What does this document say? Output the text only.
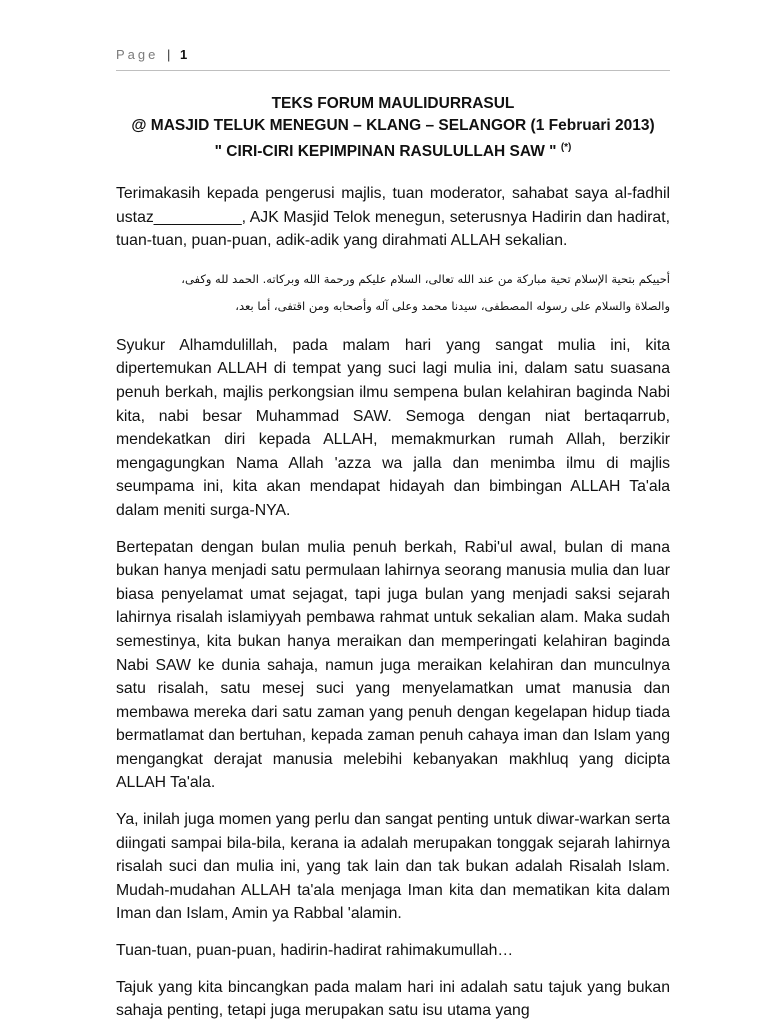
Page | 1
TEKS FORUM MAULIDURRASUL
@ MASJID TELUK MENEGUN – KLANG – SELANGOR (1 Februari 2013)
" CIRI-CIRI KEPIMPINAN RASULULLAH SAW " (*)

Terimakasih kepada pengerusi majlis, tuan moderator, sahabat saya al-fadhil ustaz__________, AJK Masjid Telok menegun, seterusnya Hadirin dan hadirat, tuan-tuan, puan-puan, adik-adik yang dirahmati ALLAH sekalian.

أحييكم بتحية الإسلام تحية مباركة من عند الله تعالى، السلام عليكم ورحمة الله وبركاته. الحمد لله وكفى،
والصلاة والسلام على رسوله المصطفى، سيدنا محمد وعلى آله وأصحابه ومن اقتفى، أما بعد،

Syukur Alhamdulillah, pada malam hari yang sangat mulia ini, kita dipertemukan ALLAH di tempat yang suci lagi mulia ini, dalam satu suasana penuh berkah, majlis perkongsian ilmu sempena bulan kelahiran baginda Nabi kita, nabi besar Muhammad SAW. Semoga dengan niat bertaqarrub, mendekatkan diri kepada ALLAH, memakmurkan rumah Allah, berzikir mengagungkan Nama Allah 'azza wa jalla dan menimba ilmu di majlis seumpama ini, kita akan mendapat hidayah dan bimbingan ALLAH Ta'ala dalam meniti surga-NYA.

Bertepatan dengan bulan mulia penuh berkah, Rabi'ul awal, bulan di mana bukan hanya menjadi satu permulaan lahirnya seorang manusia mulia dan luar biasa penyelamat umat sejagat, tapi juga bulan yang menjadi saksi sejarah lahirnya risalah islamiyyah pembawa rahmat untuk sekalian alam. Maka sudah semestinya, kita bukan hanya meraikan dan memperingati kelahiran baginda Nabi SAW ke dunia sahaja, namun juga meraikan kelahiran dan munculnya satu risalah, satu mesej suci yang menyelamatkan umat manusia dan membawa mereka dari satu zaman yang penuh dengan kegelapan hidup tiada bermatlamat dan bertuhan, kepada zaman penuh cahaya iman dan Islam yang mengangkat derajat manusia melebihi kebanyakan makhluq yang dicipta ALLAH Ta'ala.

Ya, inilah juga momen yang perlu dan sangat penting untuk diwar-warkan serta diingati sampai bila-bila, kerana ia adalah merupakan tonggak sejarah lahirnya risalah suci dan mulia ini, yang tak lain dan tak bukan adalah Risalah Islam. Mudah-mudahan ALLAH ta'ala menjaga Iman kita dan mematikan kita dalam Iman dan Islam, Amin ya Rabbal 'alamin.

Tuan-tuan, puan-puan, hadirin-hadirat rahimakumullah…

Tajuk yang kita bincangkan pada malam hari ini adalah satu tajuk yang bukan sahaja penting, tetapi juga merupakan satu isu utama yang
